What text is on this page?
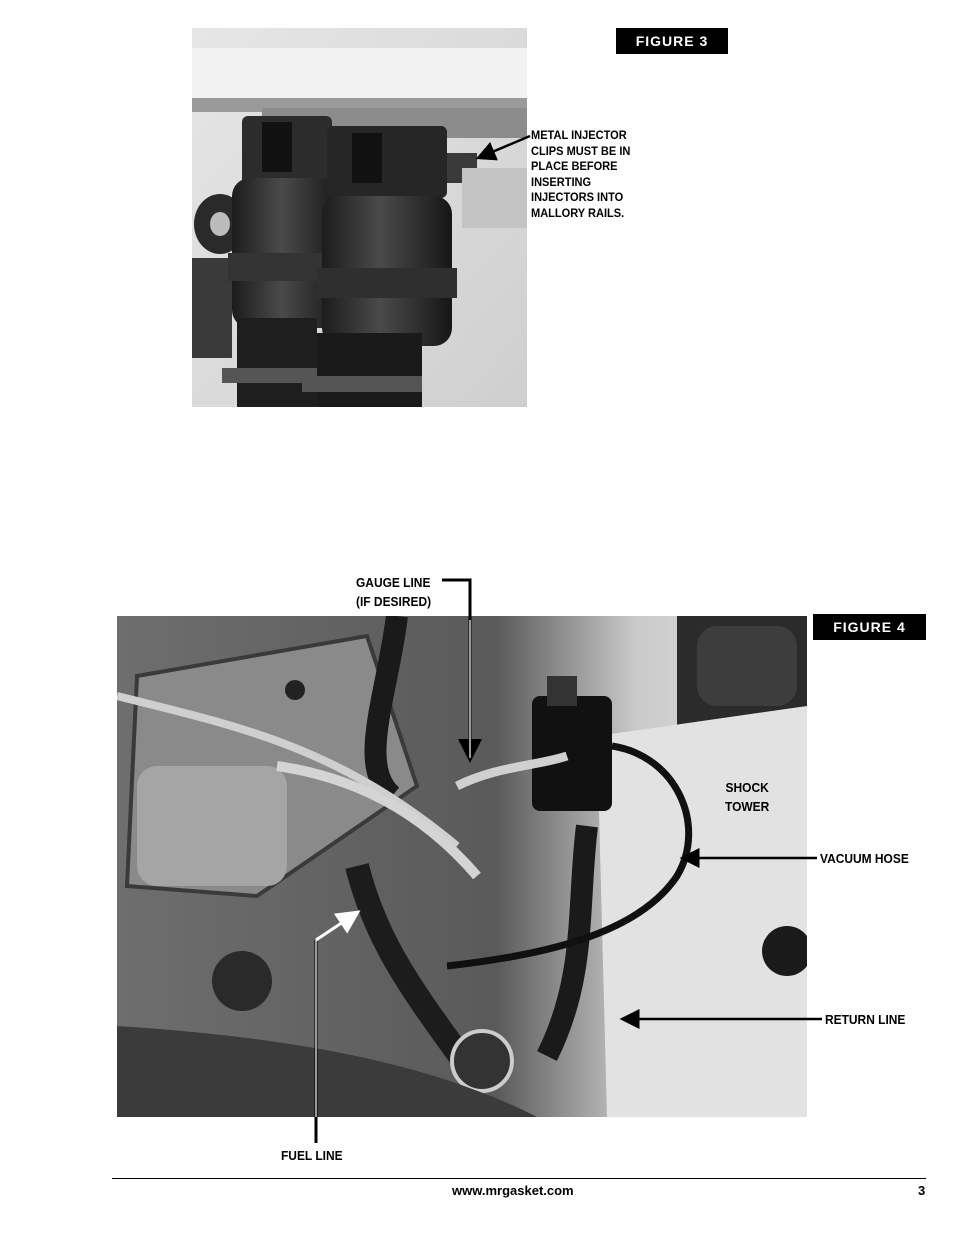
FIGURE 3
METAL INJECTOR
CLIPS MUST BE IN
PLACE BEFORE
INSERTING
INJECTORS INTO
MALLORY RAILS.
FIGURE 4
GAUGE LINE
(IF DESIRED)
SHOCK
TOWER
VACUUM HOSE
RETURN LINE
FUEL LINE
www.mrgasket.com	3
